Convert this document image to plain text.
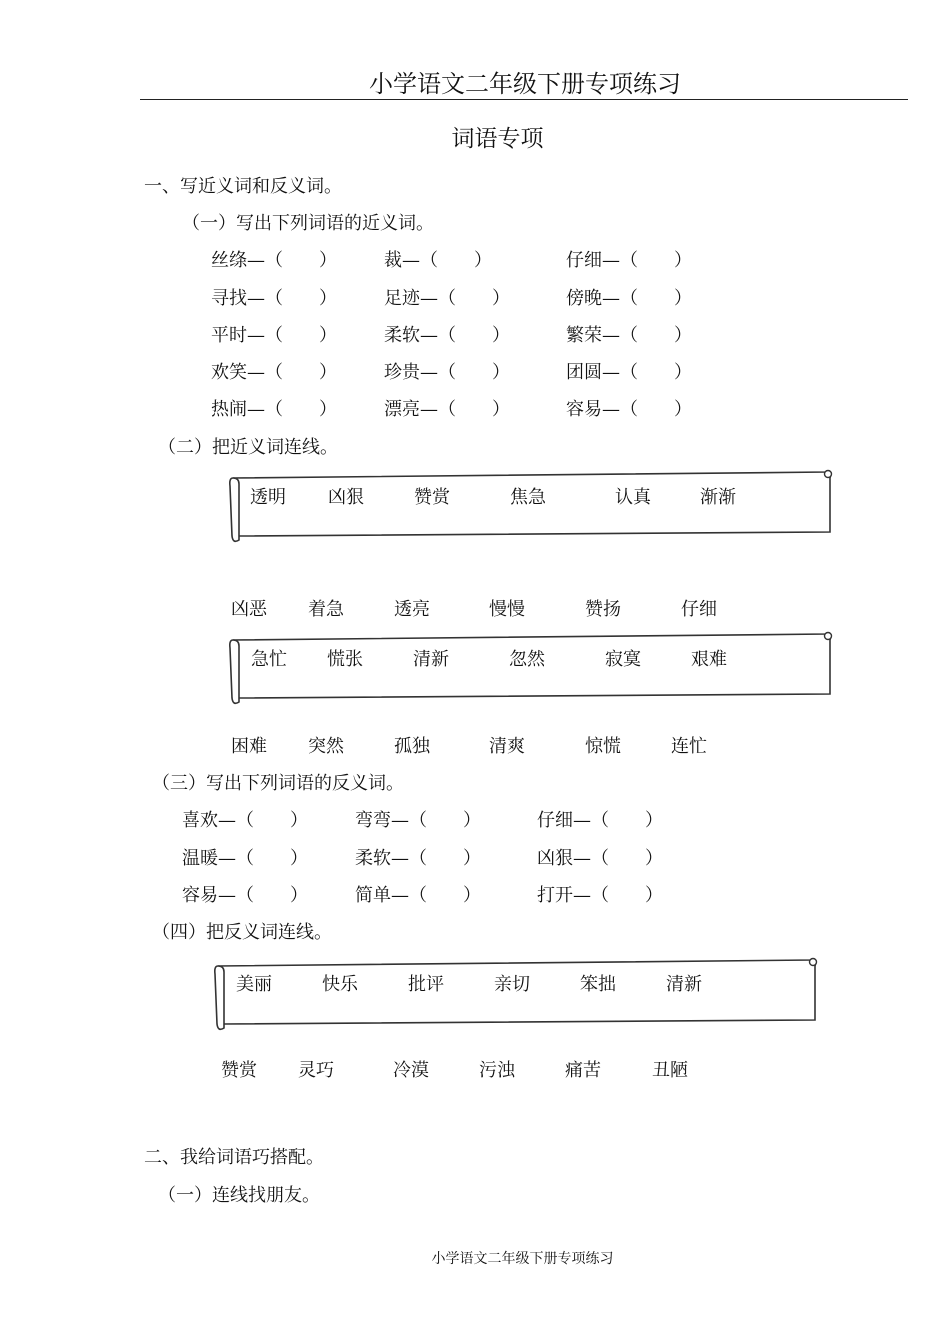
小学语文二年级下册专项练习
词语专项
一、写近义词和反义词。
（一）写出下列词语的近义词。
丝绦—（　　）	裁—（　　）	仔细—（　　）
寻找—（　　）	足迹—（　　）	傍晚—（　　）
平时—（　　）	柔软—（　　）	繁荣—（　　）
欢笑—（　　）	珍贵—（　　）	团圆—（　　）
热闹—（　　）	漂亮—（　　）	容易—（　　）
（二）把近义词连线。
透明 凶狠	赞赏	焦急	认真	渐渐
凶恶 着急	透亮	慢慢	赞扬	仔细
急忙 慌张	清新	忽然	寂寞	艰难
困难 突然	孤独	清爽	惊慌	连忙
（三）写出下列词语的反义词。
喜欢—（　　）	弯弯—（　　）	仔细—（　　）
温暖—（　　）	柔软—（　　）	凶狠—（　　）
容易—（　　）	简单—（　　）	打开—（　　）
（四）把反义词连线。
美丽	快乐	批评	亲切	笨拙	清新
赞赏 灵巧	冷漠	污浊	痛苦	丑陋
二、我给词语巧搭配。
（一）连线找朋友。
小学语文二年级下册专项练习
